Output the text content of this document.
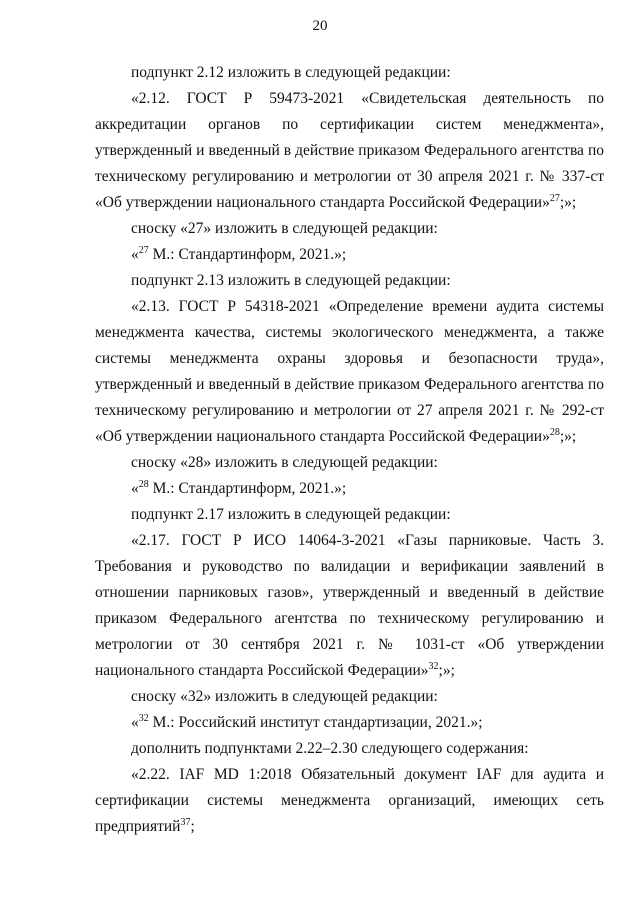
20

подпункт 2.12 изложить в следующей редакции:

«2.12. ГОСТ Р 59473-2021 «Свидетельская деятельность по аккредитации органов по сертификации систем менеджмента», утвержденный и введенный в действие приказом Федерального агентства по техническому регулированию и метрологии от 30 апреля 2021 г. № 337-ст «Об утверждении национального стандарта Российской Федерации»$^{27}$;»;

сноску «27» изложить в следующей редакции:

«$^{27}$ М.: Стандартинформ, 2021.»;

подпункт 2.13 изложить в следующей редакции:

«2.13. ГОСТ Р 54318-2021 «Определение времени аудита системы менеджмента качества, системы экологического менеджмента, а также системы менеджмента охраны здоровья и безопасности труда», утвержденный и введенный в действие приказом Федерального агентства по техническому регулированию и метрологии от 27 апреля 2021 г. № 292-ст «Об утверждении национального стандарта Российской Федерации»$^{28}$;»;

сноску «28» изложить в следующей редакции:

«$^{28}$ М.: Стандартинформ, 2021.»;

подпункт 2.17 изложить в следующей редакции:

«2.17. ГОСТ Р ИСО 14064-3-2021 «Газы парниковые. Часть 3. Требования и руководство по валидации и верификации заявлений в отношении парниковых газов», утвержденный и введенный в действие приказом Федерального агентства по техническому регулированию и метрологии от 30 сентября 2021 г. № 1031-ст «Об утверждении национального стандарта Российской Федерации»$^{32}$;»;

сноску «32» изложить в следующей редакции:

«$^{32}$ М.: Российский институт стандартизации, 2021.»;

дополнить подпунктами 2.22–2.30 следующего содержания:

«2.22. IAF MD 1:2018 Обязательный документ IAF для аудита и сертификации системы менеджмента организаций, имеющих сеть предприятий$^{37}$;
